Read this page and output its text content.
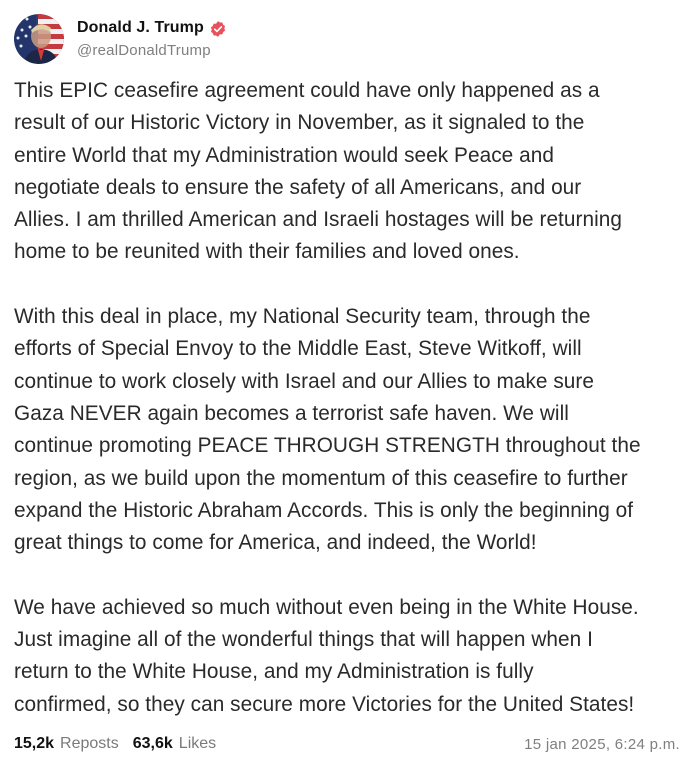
Donald J. Trump
@realDonaldTrump

This EPIC ceasefire agreement could have only happened as a
result of our Historic Victory in November, as it signaled to the
entire World that my Administration would seek Peace and
negotiate deals to ensure the safety of all Americans, and our
Allies. I am thrilled American and Israeli hostages will be returning
home to be reunited with their families and loved ones.

With this deal in place, my National Security team, through the
efforts of Special Envoy to the Middle East, Steve Witkoff, will
continue to work closely with Israel and our Allies to make sure
Gaza NEVER again becomes a terrorist safe haven. We will
continue promoting PEACE THROUGH STRENGTH throughout the
region, as we build upon the momentum of this ceasefire to further
expand the Historic Abraham Accords. This is only the beginning of
great things to come for America, and indeed, the World!

We have achieved so much without even being in the White House.
Just imagine all of the wonderful things that will happen when I
return to the White House, and my Administration is fully
confirmed, so they can secure more Victories for the United States!

15,2k Reposts 63,6k Likes	15 jan 2025, 6:24 p.m.
